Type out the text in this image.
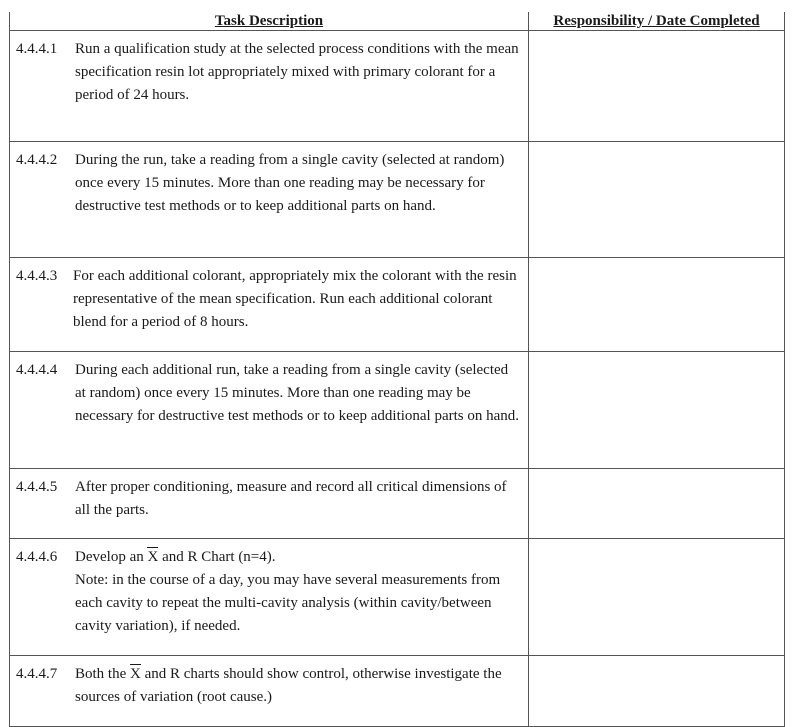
Task Description	Responsibility / Date Completed

4.4.4.1 Run a qualification study at the selected process conditions with the mean specification resin lot appropriately mixed with primary colorant for a period of 24 hours.	

4.4.4.2 During the run, take a reading from a single cavity (selected at random) once every 15 minutes. More than one reading may be necessary for destructive test methods or to keep additional parts on hand.	

4.4.4.3 For each additional colorant, appropriately mix the colorant with the resin representative of the mean specification. Run each additional colorant blend for a period of 8 hours.	

4.4.4.4 During each additional run, take a reading from a single cavity (selected at random) once every 15 minutes. More than one reading may be necessary for destructive test methods or to keep additional parts on hand.	

4.4.4.5 After proper conditioning, measure and record all critical dimensions of all the parts.	

4.4.4.6 Develop an X and R Chart (n=4).
Note: in the course of a day, you may have several measurements from each cavity to repeat the multi-cavity analysis (within cavity/between cavity variation), if needed.	

4.4.4.7 Both the X and R charts should show control, otherwise investigate the sources of variation (root cause.)	
